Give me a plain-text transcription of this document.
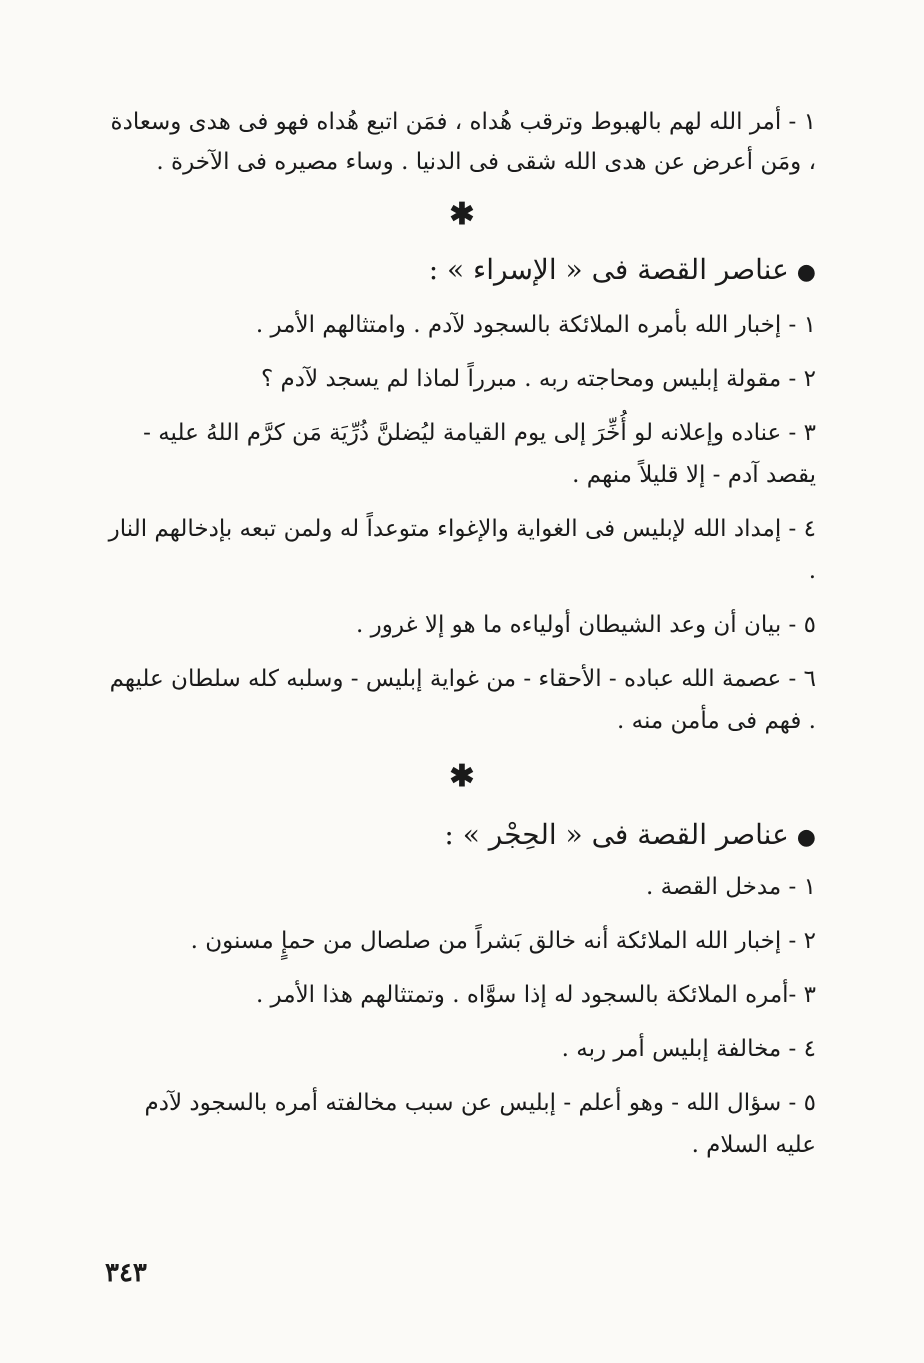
١ - أمر الله لهم بالهبوط وترقب هُداه ، فمَن اتبع هُداه فهو فى هدى وسعادة ، ومَن أعرض عن هدى الله شقى فى الدنيا . وساء مصيره فى الآخرة .
✱
●عناصر القصة فى « الإسراء » :
١ - إخبار الله بأمره الملائكة بالسجود لآدم . وامتثالهم الأمر .
٢ - مقولة إبليس ومحاجته ربه . مبرراً لماذا لم يسجد لآدم ؟
٣ - عناده وإعلانه لو أُخِّرَ إلى يوم القيامة ليُضلنَّ ذُرِّيَة مَن كرَّم اللهُ عليه - يقصد آدم - إلا قليلاً منهم .
٤ - إمداد الله لإبليس فى الغواية والإغواء متوعداً له ولمن تبعه بإدخالهم النار .
٥ - بيان أن وعد الشيطان أولياءه ما هو إلا غرور .
٦ - عصمة الله عباده - الأحقاء - من غواية إبليس - وسلبه كله سلطان عليهم . فهم فى مأمن منه .
✱
●عناصر القصة فى « الحِجْر » :
١ - مدخل القصة .
٢ - إخبار الله الملائكة أنه خالق بَشراً من صلصال من حمإٍ مسنون .
٣ -أمره الملائكة بالسجود له إذا سوَّاه . وتمتثالهم هذا الأمر .
٤ - مخالفة إبليس أمر ربه .
٥ - سؤال الله - وهو أعلم - إبليس عن سبب مخالفته أمره بالسجود لآدم عليه السلام .
٣٤٣
